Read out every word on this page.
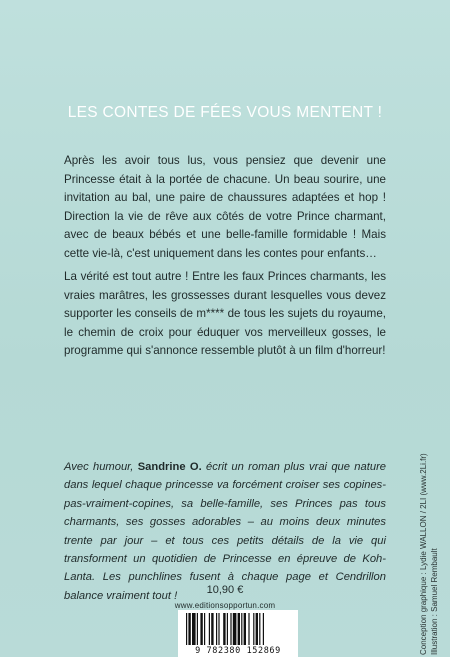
LES CONTES DE FÉES VOUS MENTENT !

Après les avoir tous lus, vous pensiez que devenir une Princesse était à la portée de chacune. Un beau sourire, une invitation au bal, une paire de chaussures adaptées et hop ! Direction la vie de rêve aux côtés de votre Prince charmant, avec de beaux bébés et une belle-famille formidable ! Mais cette vie-là, c'est uniquement dans les contes pour enfants…

La vérité est tout autre ! Entre les faux Princes charmants, les vraies marâtres, les grossesses durant lesquelles vous devez supporter les conseils de m**** de tous les sujets du royaume, le chemin de croix pour éduquer vos merveilleux gosses, le programme qui s'annonce ressemble plutôt à un film d'horreur!

Avec humour, Sandrine O. écrit un roman plus vrai que nature dans lequel chaque princesse va forcément croiser ses copines-pas-vraiment-copines, sa belle-famille, ses Princes pas tous charmants, ses gosses adorables – au moins deux minutes trente par jour – et tous ces petits détails de la vie qui transforment un quotidien de Princesse en épreuve de Koh-Lanta. Les punchlines fusent à chaque page et Cendrillon balance vraiment tout !	10,90 €
www.editionsopportun.com
9 782380 152869	Conception graphique : Lydie WALLON / 2LI (www.2Li.fr) Illustration : Samuel Rembault
